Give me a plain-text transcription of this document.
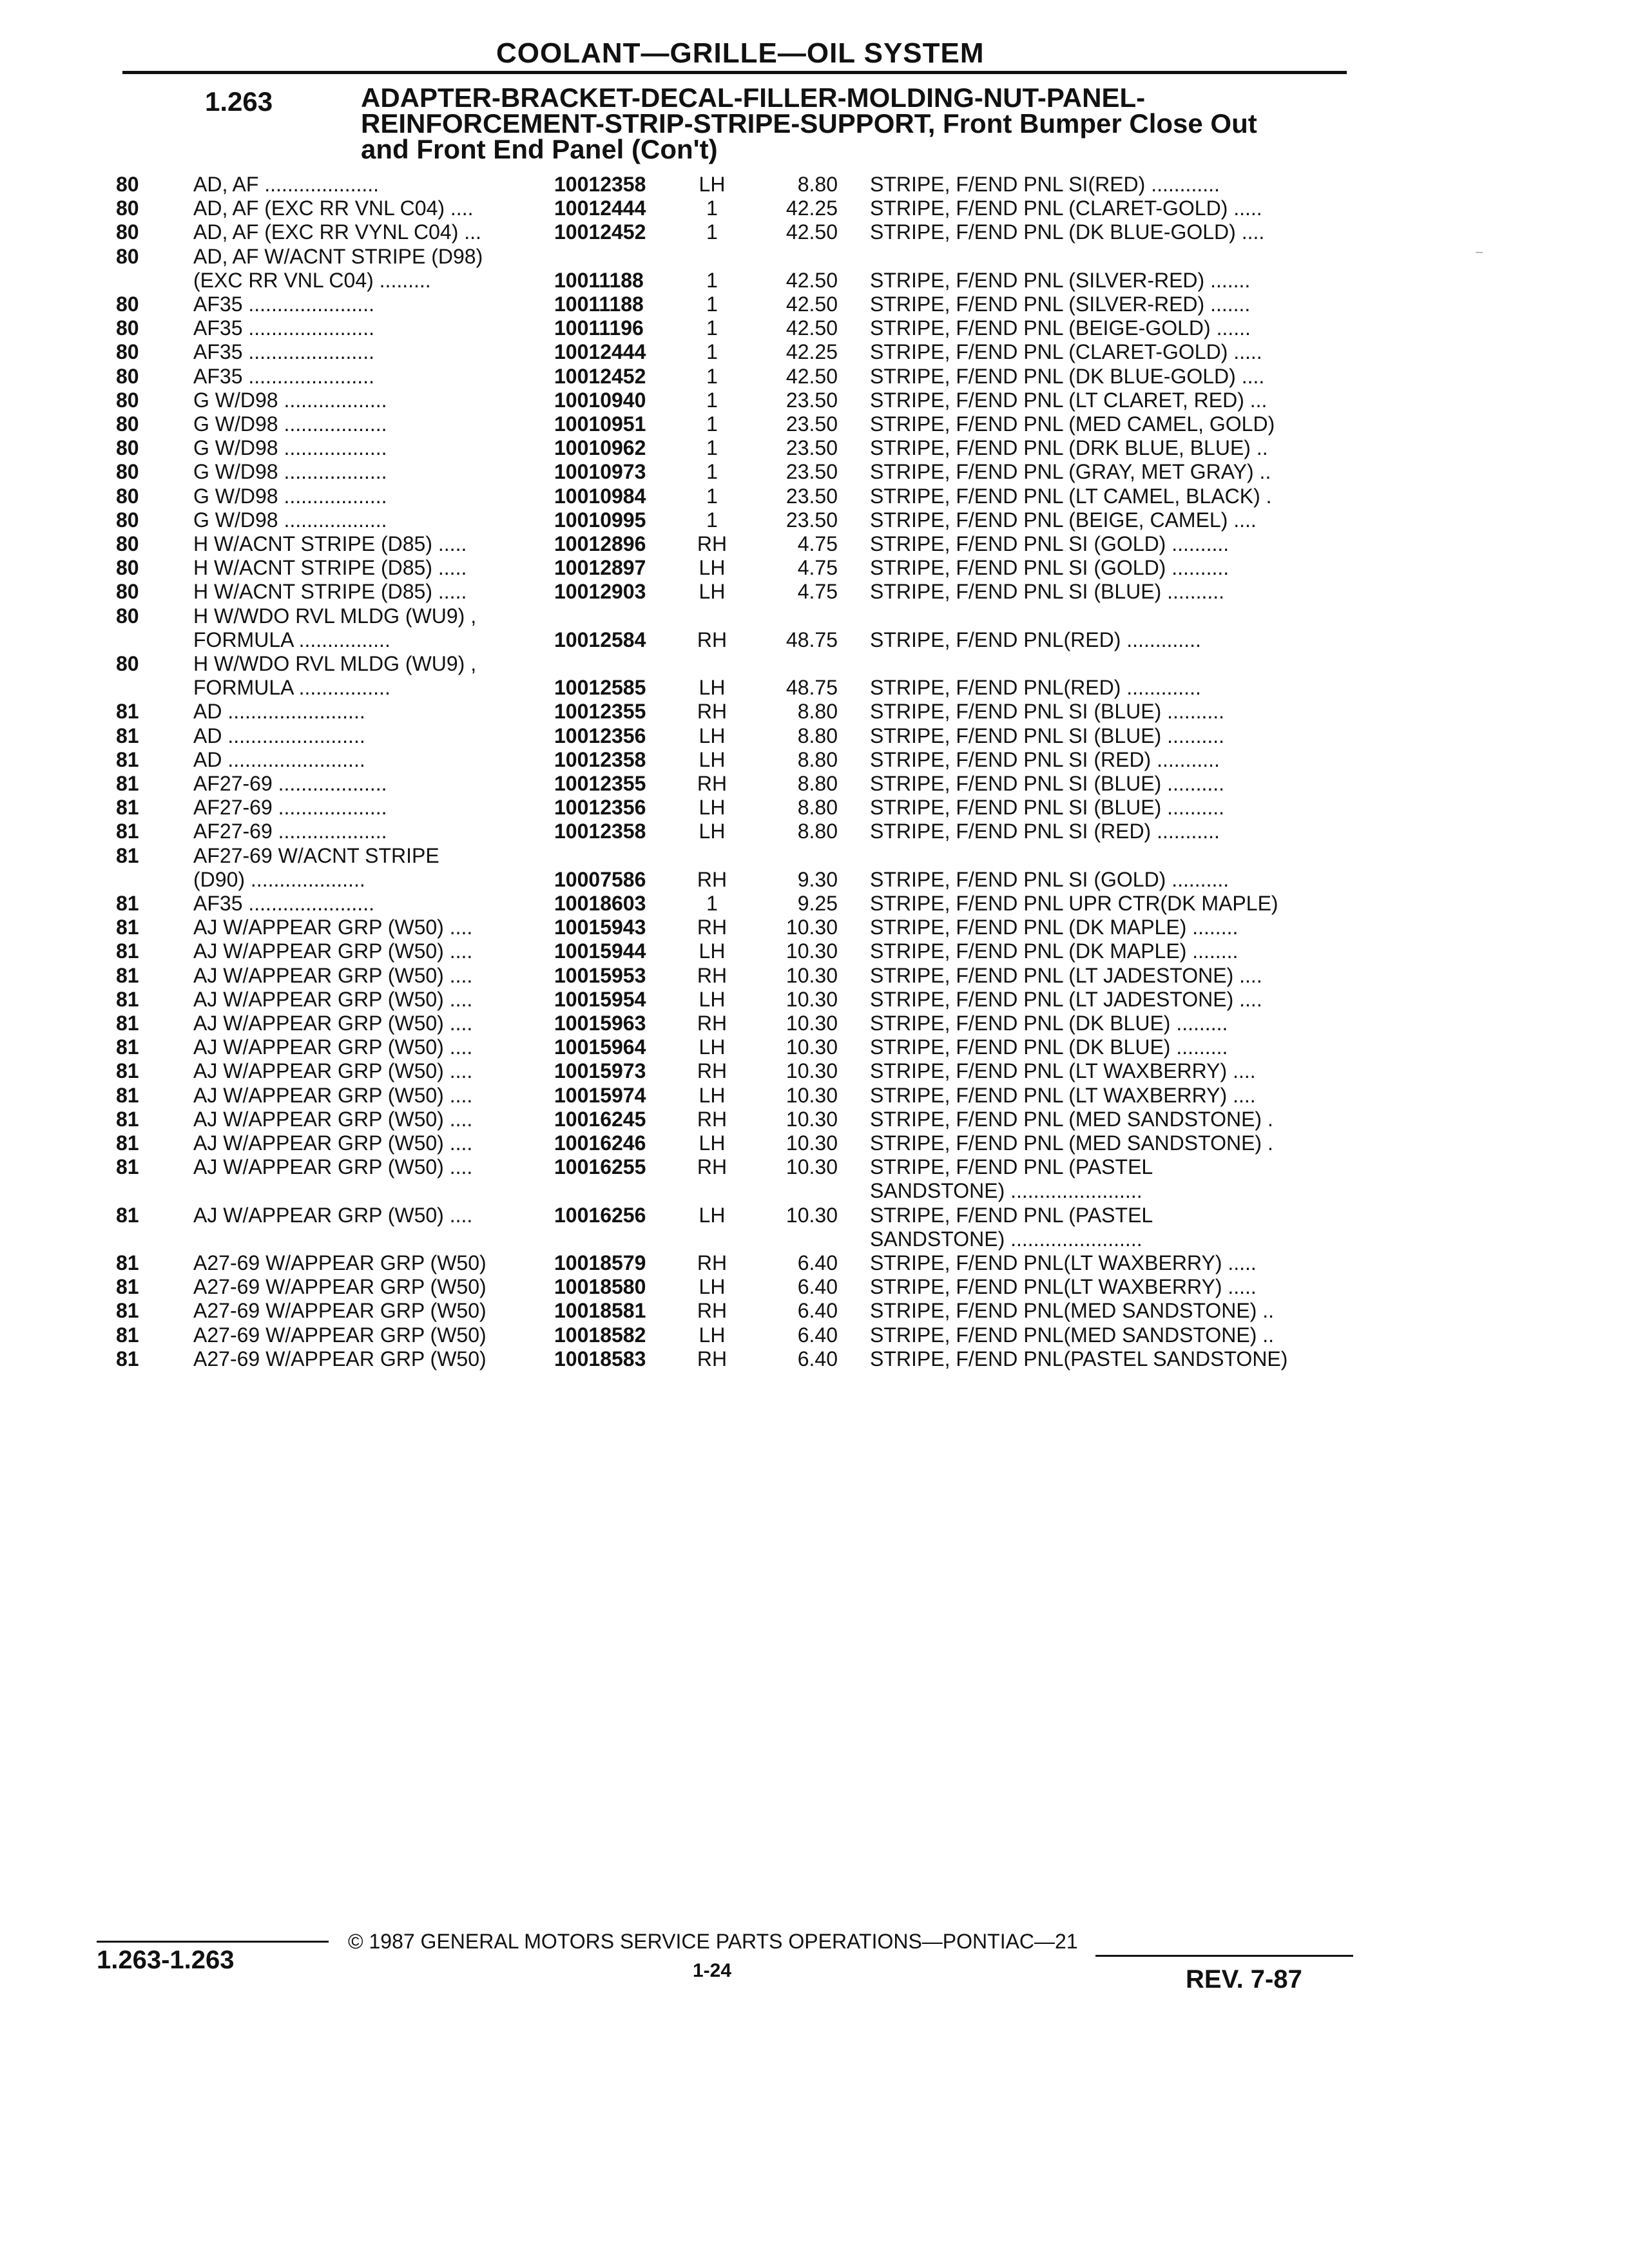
COOLANT—GRILLE—OIL SYSTEM
1.263	ADAPTER-BRACKET-DECAL-FILLER-MOLDING-NUT-PANEL-
REINFORCEMENT-STRIP-STRIPE-SUPPORT, Front Bumper Close Out
and Front End Panel (Con't)
80	AD, AF ....................	10012358	LH	8.80 STRIPE, F/END PNL SI(RED) ............
80	AD, AF (EXC RR VNL C04) ....	10012444	1	42.25 STRIPE, F/END PNL (CLARET-GOLD) .....
80	AD, AF (EXC RR VYNL C04) ...	10012452	1	42.50 STRIPE, F/END PNL (DK BLUE-GOLD) ....
80	AD, AF W/ACNT STRIPE (D98)
(EXC RR VNL C04) .........	10011188	1	42.50 STRIPE, F/END PNL (SILVER-RED) .......
80	AF35 ......................	10011188	1	42.50 STRIPE, F/END PNL (SILVER-RED) .......
80	AF35 ......................	10011196	1	42.50 STRIPE, F/END PNL (BEIGE-GOLD) ......
80	AF35 ......................	10012444	1	42.25 STRIPE, F/END PNL (CLARET-GOLD) .....
80	AF35 ......................	10012452	1	42.50 STRIPE, F/END PNL (DK BLUE-GOLD) ....
80	G W/D98 ..................	10010940	1	23.50 STRIPE, F/END PNL (LT CLARET, RED) ...
80	G W/D98 ..................	10010951	1	23.50 STRIPE, F/END PNL (MED CAMEL, GOLD)
80	G W/D98 ..................	10010962	1	23.50 STRIPE, F/END PNL (DRK BLUE, BLUE) ..
80	G W/D98 ..................	10010973	1	23.50 STRIPE, F/END PNL (GRAY, MET GRAY) ..
80	G W/D98 ..................	10010984	1	23.50 STRIPE, F/END PNL (LT CAMEL, BLACK) .
80	G W/D98 ..................	10010995	1	23.50 STRIPE, F/END PNL (BEIGE, CAMEL) ....
80	H W/ACNT STRIPE (D85) .....	10012896	RH	4.75 STRIPE, F/END PNL SI (GOLD) ..........
80	H W/ACNT STRIPE (D85) .....	10012897	LH	4.75 STRIPE, F/END PNL SI (GOLD) ..........
80	H W/ACNT STRIPE (D85) .....	10012903	LH	4.75 STRIPE, F/END PNL SI (BLUE) ..........
80	H W/WDO RVL MLDG (WU9) ,
FORMULA ................	10012584	RH	48.75 STRIPE, F/END PNL(RED) .............
80	H W/WDO RVL MLDG (WU9) ,
FORMULA ................	10012585	LH	48.75 STRIPE, F/END PNL(RED) .............
81	AD ........................	10012355	RH	8.80 STRIPE, F/END PNL SI (BLUE) ..........
81	AD ........................	10012356	LH	8.80 STRIPE, F/END PNL SI (BLUE) ..........
81	AD ........................	10012358	LH	8.80 STRIPE, F/END PNL SI (RED) ...........
81	AF27-69 ...................	10012355	RH	8.80 STRIPE, F/END PNL SI (BLUE) ..........
81	AF27-69 ...................	10012356	LH	8.80 STRIPE, F/END PNL SI (BLUE) ..........
81	AF27-69 ...................	10012358	LH	8.80 STRIPE, F/END PNL SI (RED) ...........
81	AF27-69 W/ACNT STRIPE
(D90) ....................	10007586	RH	9.30 STRIPE, F/END PNL SI (GOLD) ..........
81	AF35 ......................	10018603	1	9.25 STRIPE, F/END PNL UPR CTR(DK MAPLE)
81	AJ W/APPEAR GRP (W50) ....	10015943	RH	10.30 STRIPE, F/END PNL (DK MAPLE) ........
81	AJ W/APPEAR GRP (W50) ....	10015944	LH	10.30 STRIPE, F/END PNL (DK MAPLE) ........
81	AJ W/APPEAR GRP (W50) ....	10015953	RH	10.30 STRIPE, F/END PNL (LT JADESTONE) ....
81	AJ W/APPEAR GRP (W50) ....	10015954	LH	10.30 STRIPE, F/END PNL (LT JADESTONE) ....
81	AJ W/APPEAR GRP (W50) ....	10015963	RH	10.30 STRIPE, F/END PNL (DK BLUE) .........
81	AJ W/APPEAR GRP (W50) ....	10015964	LH	10.30 STRIPE, F/END PNL (DK BLUE) .........
81	AJ W/APPEAR GRP (W50) ....	10015973	RH	10.30 STRIPE, F/END PNL (LT WAXBERRY) ....
81	AJ W/APPEAR GRP (W50) ....	10015974	LH	10.30 STRIPE, F/END PNL (LT WAXBERRY) ....
81	AJ W/APPEAR GRP (W50) ....	10016245	RH	10.30 STRIPE, F/END PNL (MED SANDSTONE) .
81	AJ W/APPEAR GRP (W50) ....	10016246	LH	10.30 STRIPE, F/END PNL (MED SANDSTONE) .
81	AJ W/APPEAR GRP (W50) ....	10016255	RH	10.30 STRIPE, F/END PNL (PASTEL
SANDSTONE) .......................
81	AJ W/APPEAR GRP (W50) ....	10016256	LH	10.30 STRIPE, F/END PNL (PASTEL
SANDSTONE) .......................
81	A27-69 W/APPEAR GRP (W50)	10018579	RH	6.40 STRIPE, F/END PNL(LT WAXBERRY) .....
81	A27-69 W/APPEAR GRP (W50)	10018580	LH	6.40 STRIPE, F/END PNL(LT WAXBERRY) .....
81	A27-69 W/APPEAR GRP (W50)	10018581	RH	6.40 STRIPE, F/END PNL(MED SANDSTONE) ..
81	A27-69 W/APPEAR GRP (W50)	10018582	LH	6.40 STRIPE, F/END PNL(MED SANDSTONE) ..
81	A27-69 W/APPEAR GRP (W50)	10018583	RH	6.40 STRIPE, F/END PNL(PASTEL SANDSTONE)
–
1.263-1.263
© 1987 GENERAL MOTORS SERVICE PARTS OPERATIONS—PONTIAC—21
1-24	REV. 7-87
